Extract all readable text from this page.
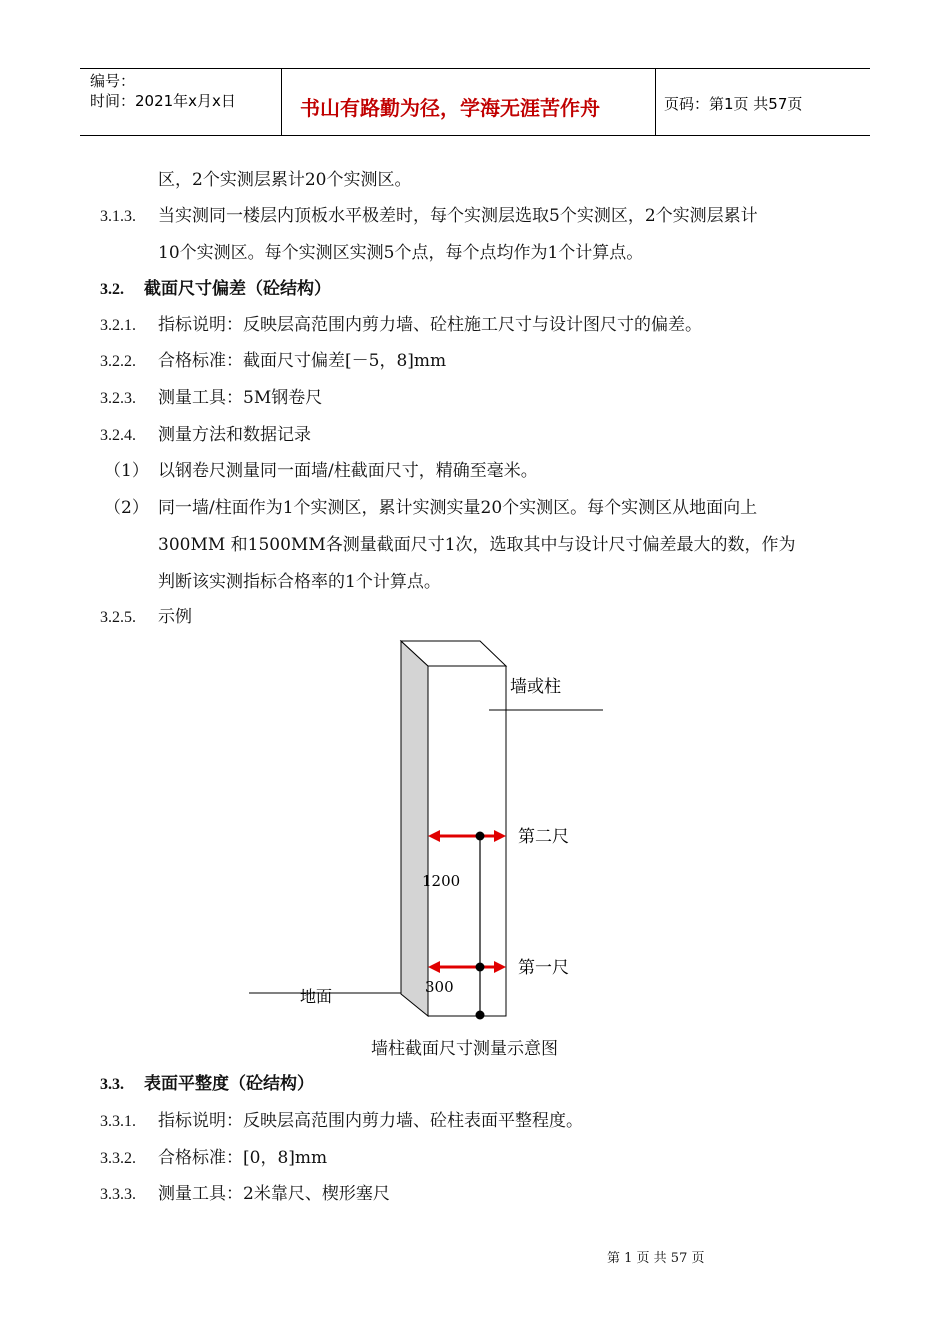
编号：
时间：2021年x月x日	书山有路勤为径，学海无涯苦作舟	页码：第1页 共57页
区，2个实测层累计20个实测区。
3.1.3. 当实测同一楼层内顶板水平极差时，每个实测层选取5个实测区，2个实测层累计
10个实测区。每个实测区实测5个点，每个点均作为1个计算点。
3.2. 截面尺寸偏差（砼结构）
3.2.1. 指标说明：反映层高范围内剪力墙、砼柱施工尺寸与设计图尺寸的偏差。
3.2.2. 合格标准：截面尺寸偏差[－5，8]mm
3.2.3. 测量工具：5M钢卷尺
3.2.4. 测量方法和数据记录
（1） 以钢卷尺测量同一面墙/柱截面尺寸，精确至毫米。
（2） 同一墙/柱面作为1个实测区，累计实测实量20个实测区。每个实测区从地面向上
300MM 和1500MM各测量截面尺寸1次，选取其中与设计尺寸偏差最大的数，作为
判断该实测指标合格率的1个计算点。
3.2.5. 示例
墙或柱
第二尺
第一尺
1200
300
地面
墙柱截面尺寸测量示意图
3.3. 表面平整度（砼结构）
3.3.1. 指标说明：反映层高范围内剪力墙、砼柱表面平整程度。
3.3.2. 合格标准：[0，8]mm
3.3.3. 测量工具：2米靠尺、楔形塞尺
第 1 页 共 57 页
